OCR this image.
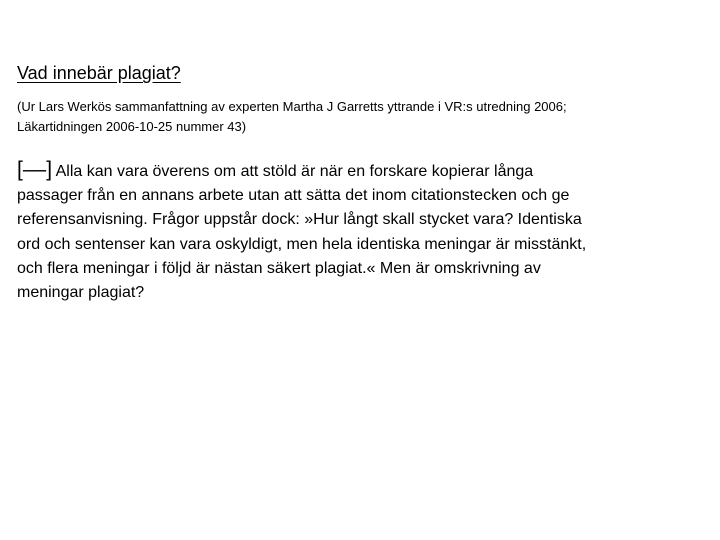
Vad innebär plagiat?
(Ur Lars Werkös sammanfattning av experten Martha J Garretts yttrande i VR:s utredning 2006;
Läkartidningen 2006-10-25 nummer 43)
[––] Alla kan vara överens om att stöld är när en forskare kopierar långa
passager från en annans arbete utan att sätta det inom citationstecken och ge
referensanvisning. Frågor uppstår dock: »Hur långt skall stycket vara? Identiska
ord och sentenser kan vara oskyldigt, men hela identiska meningar är misstänkt,
och flera meningar i följd är nästan säkert plagiat.« Men är omskrivning av
meningar plagiat?
